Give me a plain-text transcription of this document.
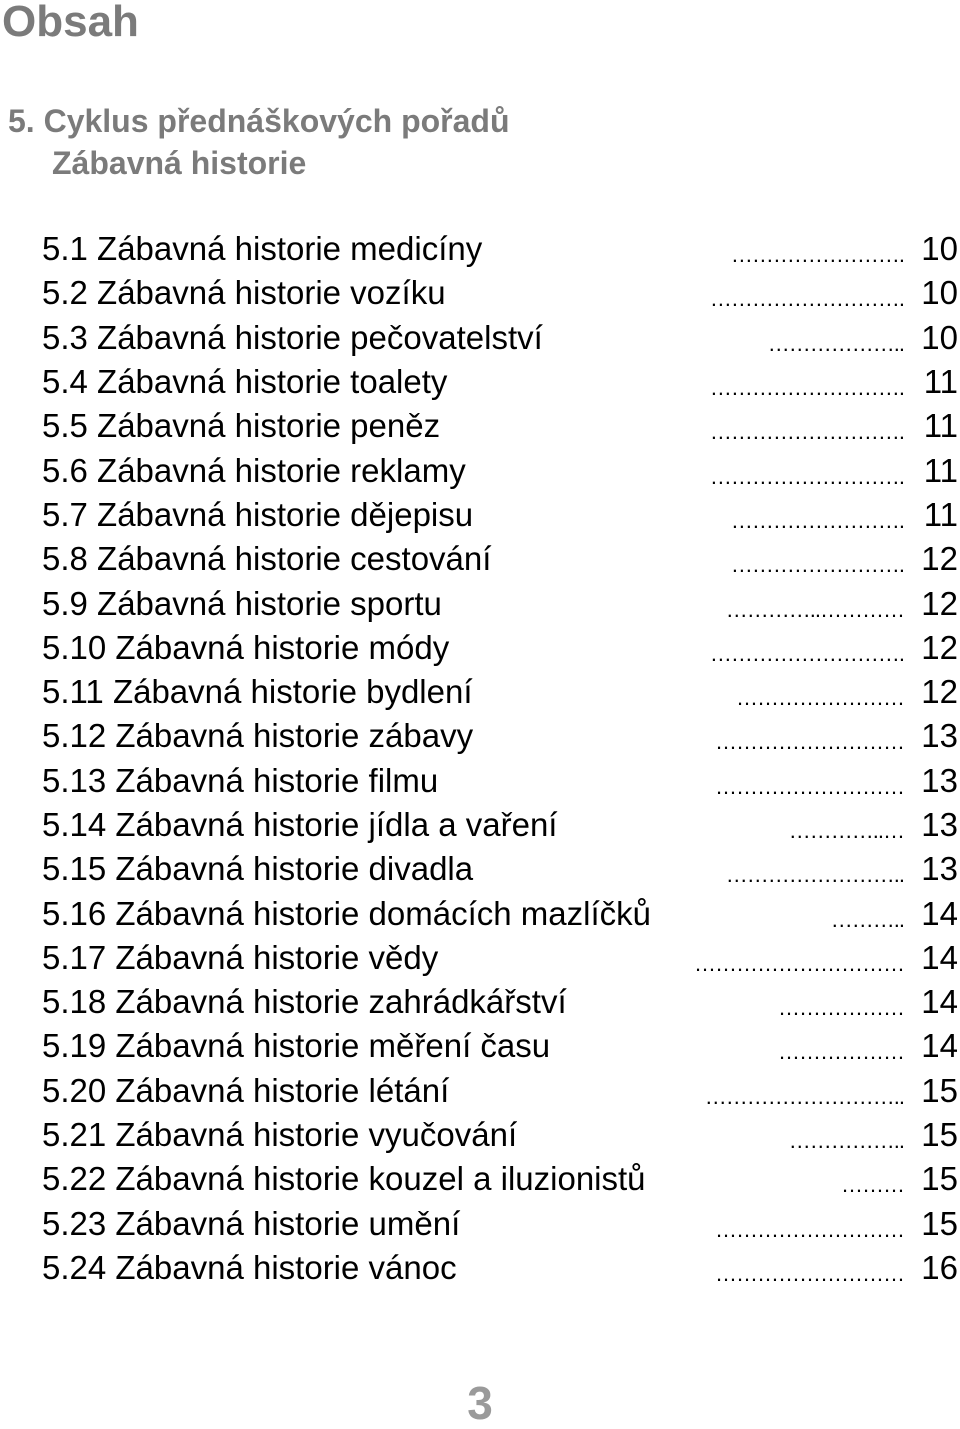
Obsah
5. Cyklus přednáškových pořadů
Zábavná historie
5.1 Zábavná historie medicíny	……………………. 10
5.2 Zábavná historie vozíku	………………………. 10
5.3 Zábavná historie pečovatelství	……………….. 10
5.4 Zábavná historie toalety	………………………. 11
5.5 Zábavná historie peněz	………………………. 11
5.6 Zábavná historie reklamy	………………………. 11
5.7 Zábavná historie dějepisu	……………………. 11
5.8 Zábavná historie cestování	……………………. 12
5.9 Zábavná historie sportu	…………..………… 12
5.10 Zábavná historie módy	………………………. 12
5.11 Zábavná historie bydlení	…………………… 12
5.12 Zábavná historie zábavy	……………………… 13
5.13 Zábavná historie filmu	……………………… 13
5.14 Zábavná historie jídla a vaření	…………..… 13
5.15 Zábavná historie divadla	…………………….. 13
5.16 Zábavná historie domácích mazlíčků	……….. 14
5.17 Zábavná historie vědy	………………………… 14
5.18 Zábavná historie zahrádkářství	……………… 14
5.19 Zábavná historie měření času	……………… 14
5.20 Zábavná historie létání	……………………….. 15
5.21 Zábavná historie vyučování	…………….. 15
5.22 Zábavná historie kouzel a iluzionistů	……… 15
5.23 Zábavná historie umění	……………………… 15
5.24 Zábavná historie vánoc	……………………… 16
3
